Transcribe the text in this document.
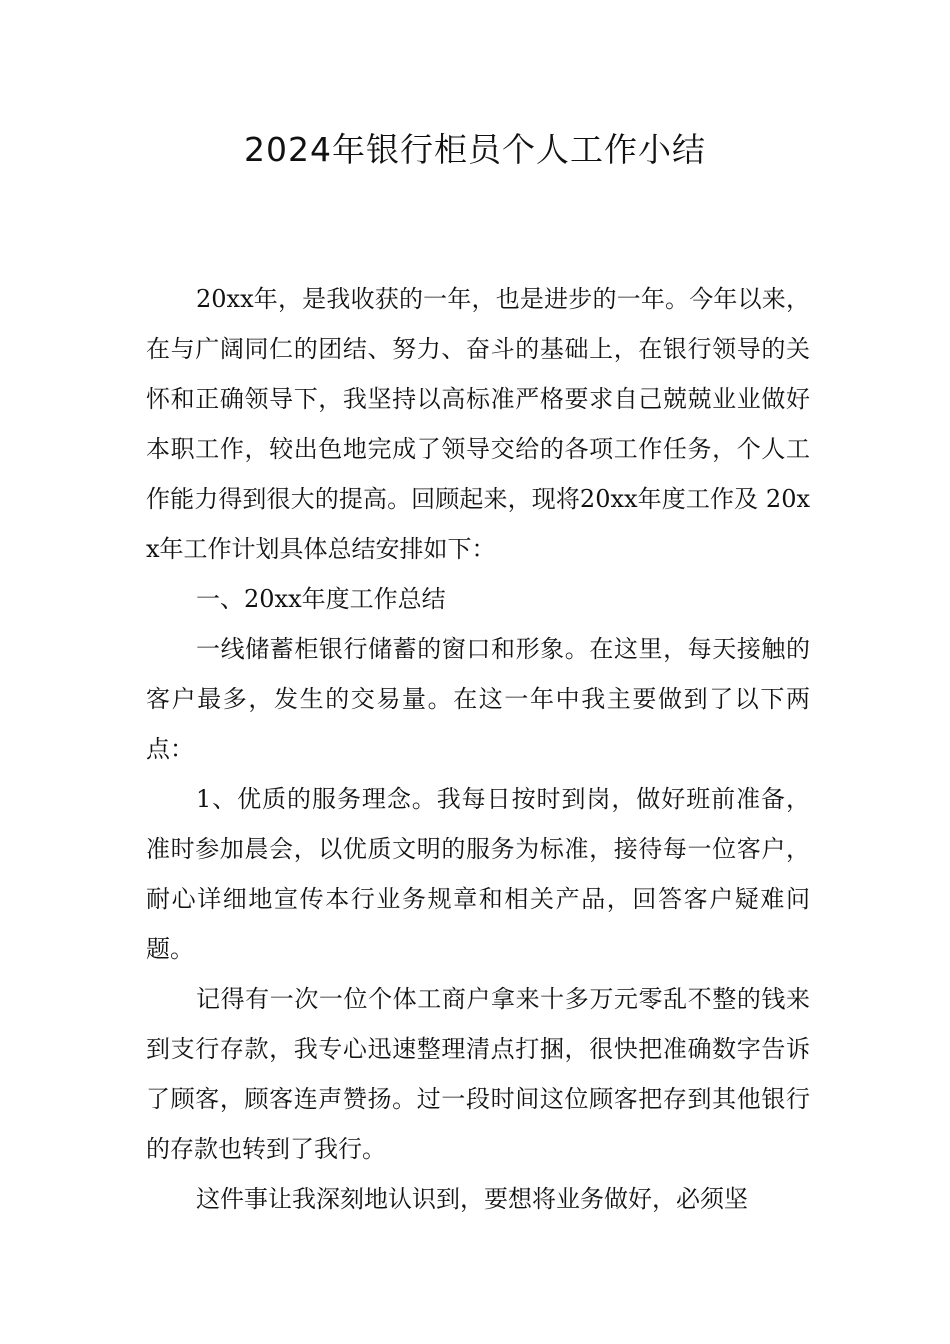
2024年银行柜员个人工作小结

20xx年，是我收获的一年，也是进步的一年。今年以来，在与广阔同仁的团结、努力、奋斗的基础上，在银行领导的关怀和正确领导下，我坚持以高标准严格要求自己兢兢业业做好本职工作，较出色地完成了领导交给的各项工作任务，个人工作能力得到很大的提高。回顾起来，现将20xx年度工作及 20xx年工作计划具体总结安排如下：

一、20xx年度工作总结

一线储蓄柜银行储蓄的窗口和形象。在这里，每天接触的客户最多，发生的交易量。在这一年中我主要做到了以下两点：

1、优质的服务理念。我每日按时到岗，做好班前准备，准时参加晨会，以优质文明的服务为标准，接待每一位客户，耐心详细地宣传本行业务规章和相关产品，回答客户疑难问题。

记得有一次一位个体工商户拿来十多万元零乱不整的钱来到支行存款，我专心迅速整理清点打捆，很快把准确数字告诉了顾客，顾客连声赞扬。过一段时间这位顾客把存到其他银行的存款也转到了我行。

这件事让我深刻地认识到，要想将业务做好，必须坚
